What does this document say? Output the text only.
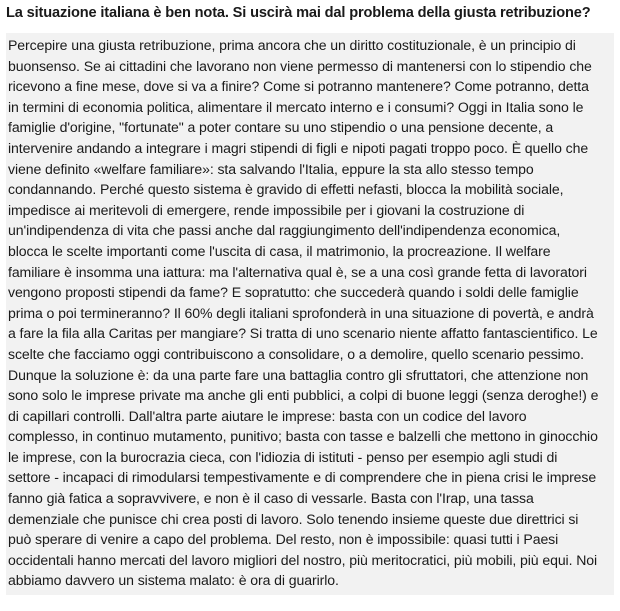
La situazione italiana è ben nota. Si uscirà mai dal problema della giusta retribuzione?
Percepire una giusta retribuzione, prima ancora che un diritto costituzionale, è un principio di
buonsenso. Se ai cittadini che lavorano non viene permesso di mantenersi con lo stipendio che
ricevono a fine mese, dove si va a finire? Come si potranno mantenere? Come potranno, detta
in termini di economia politica, alimentare il mercato interno e i consumi? Oggi in Italia sono le
famiglie d'origine, "fortunate" a poter contare su uno stipendio o una pensione decente, a
intervenire andando a integrare i magri stipendi di figli e nipoti pagati troppo poco. È quello che
viene definito «welfare familiare»: sta salvando l'Italia, eppure la sta allo stesso tempo
condannando. Perché questo sistema è gravido di effetti nefasti, blocca la mobilità sociale,
impedisce ai meritevoli di emergere, rende impossibile per i giovani la costruzione di
un'indipendenza di vita che passi anche dal raggiungimento dell'indipendenza economica,
blocca le scelte importanti come l'uscita di casa, il matrimonio, la procreazione. Il welfare
familiare è insomma una iattura: ma l'alternativa qual è, se a una così grande fetta di lavoratori
vengono proposti stipendi da fame? E sopratutto: che succederà quando i soldi delle famiglie
prima o poi termineranno? Il 60% degli italiani sprofonderà in una situazione di povertà, e andrà
a fare la fila alla Caritas per mangiare? Si tratta di uno scenario niente affatto fantascientifico. Le
scelte che facciamo oggi contribuiscono a consolidare, o a demolire, quello scenario pessimo.
Dunque la soluzione è: da una parte fare una battaglia contro gli sfruttatori, che attenzione non
sono solo le imprese private ma anche gli enti pubblici, a colpi di buone leggi (senza deroghe!) e
di capillari controlli. Dall'altra parte aiutare le imprese: basta con un codice del lavoro
complesso, in continuo mutamento, punitivo; basta con tasse e balzelli che mettono in ginocchio
le imprese, con la burocrazia cieca, con l'idiozia di istituti - penso per esempio agli studi di
settore - incapaci di rimodularsi tempestivamente e di comprendere che in piena crisi le imprese
fanno già fatica a sopravvivere, e non è il caso di vessarle. Basta con l'Irap, una tassa
demenziale che punisce chi crea posti di lavoro. Solo tenendo insieme queste due direttrici si
può sperare di venire a capo del problema. Del resto, non è impossibile: quasi tutti i Paesi
occidentali hanno mercati del lavoro migliori del nostro, più meritocratici, più mobili, più equi. Noi
abbiamo davvero un sistema malato: è ora di guarirlo.
